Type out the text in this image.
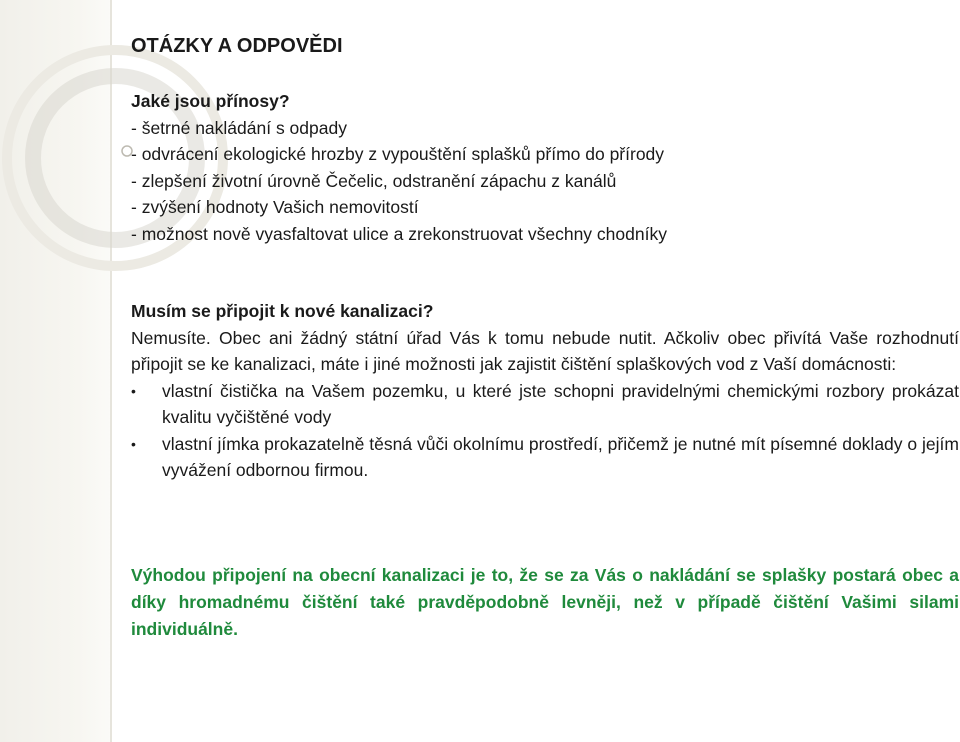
OTÁZKY A ODPOVĚDI
Jaké jsou přínosy?
- šetrné nakládání s odpady
- odvrácení ekologické hrozby z vypouštění splašků přímo do přírody
- zlepšení životní úrovně Čečelic, odstranění zápachu z kanálů
- zvýšení hodnoty Vašich nemovitostí
- možnost nově vyasfaltovat ulice a zrekonstruovat všechny chodníky
Musím se připojit k nové kanalizaci?
Nemusíte. Obec ani žádný státní úřad Vás k tomu nebude nutit. Ačkoliv obec přivítá Vaše rozhodnutí připojit se ke kanalizaci, máte i jiné možnosti jak zajistit čištění splaškových vod z Vaší domácnosti:
• vlastní čistička na Vašem pozemku, u které jste schopni pravidelnými chemickými rozbory prokázat kvalitu vyčištěné vody
• vlastní jímka prokazatelně těsná vůči okolnímu prostředí, přičemž je nutné mít písemné doklady o jejím vyvážení odbornou firmou.
Výhodou připojení na obecní kanalizaci je to, že se za Vás o nakládání se splašky postará obec a díky hromadnému čištění také pravděpodobně levněji, než v případě čištění Vašimi silami individuálně.
